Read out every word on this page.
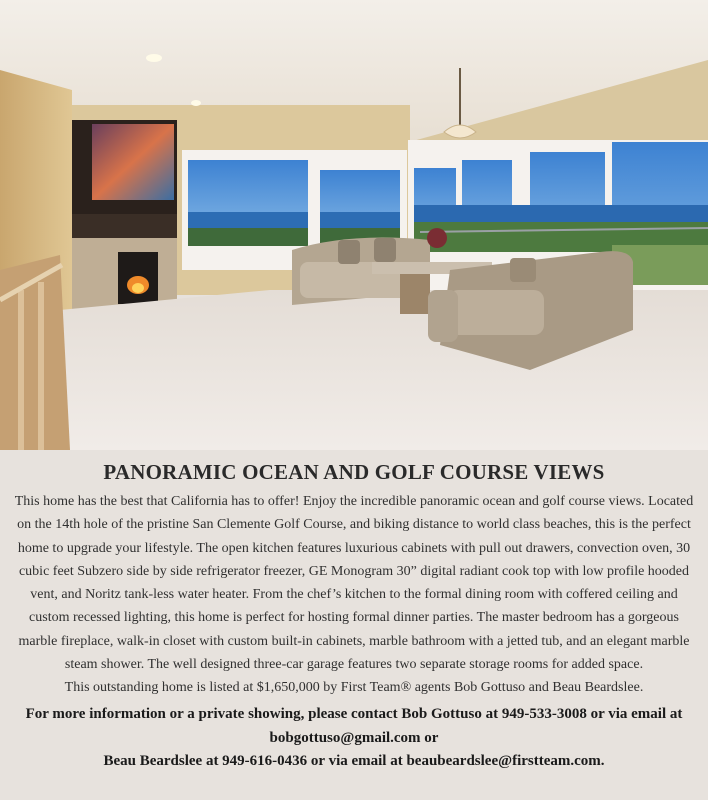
PANORAMIC OCEAN AND GOLF COURSE VIEWS

This home has the best that California has to offer! Enjoy the incredible panoramic ocean and golf course views. Located on the 14th hole of the pristine San Clemente Golf Course, and biking distance to world class beaches, this is the perfect home to upgrade your lifestyle. The open kitchen features luxurious cabinets with pull out drawers, convection oven, 30 cubic feet Subzero side by side refrigerator freezer, GE Monogram 30” digital radiant cook top with low profile hooded vent, and Noritz tank-less water heater. From the chef’s kitchen to the formal dining room with coffered ceiling and custom recessed lighting, this home is perfect for hosting formal dinner parties. The master bedroom has a gorgeous marble fireplace, walk-in closet with custom built-in cabinets, marble bathroom with a jetted tub, and an elegant marble steam shower. The well designed three-car garage features two separate storage rooms for added space.

This outstanding home is listed at $1,650,000 by First Team® agents Bob Gottuso and Beau Beardslee.

For more information or a private showing, please contact Bob Gottuso at 949-533-3008 or via email at bobgottuso@gmail.com or
Beau Beardslee at 949-616-0436 or via email at beaubeardslee@firstteam.com.
